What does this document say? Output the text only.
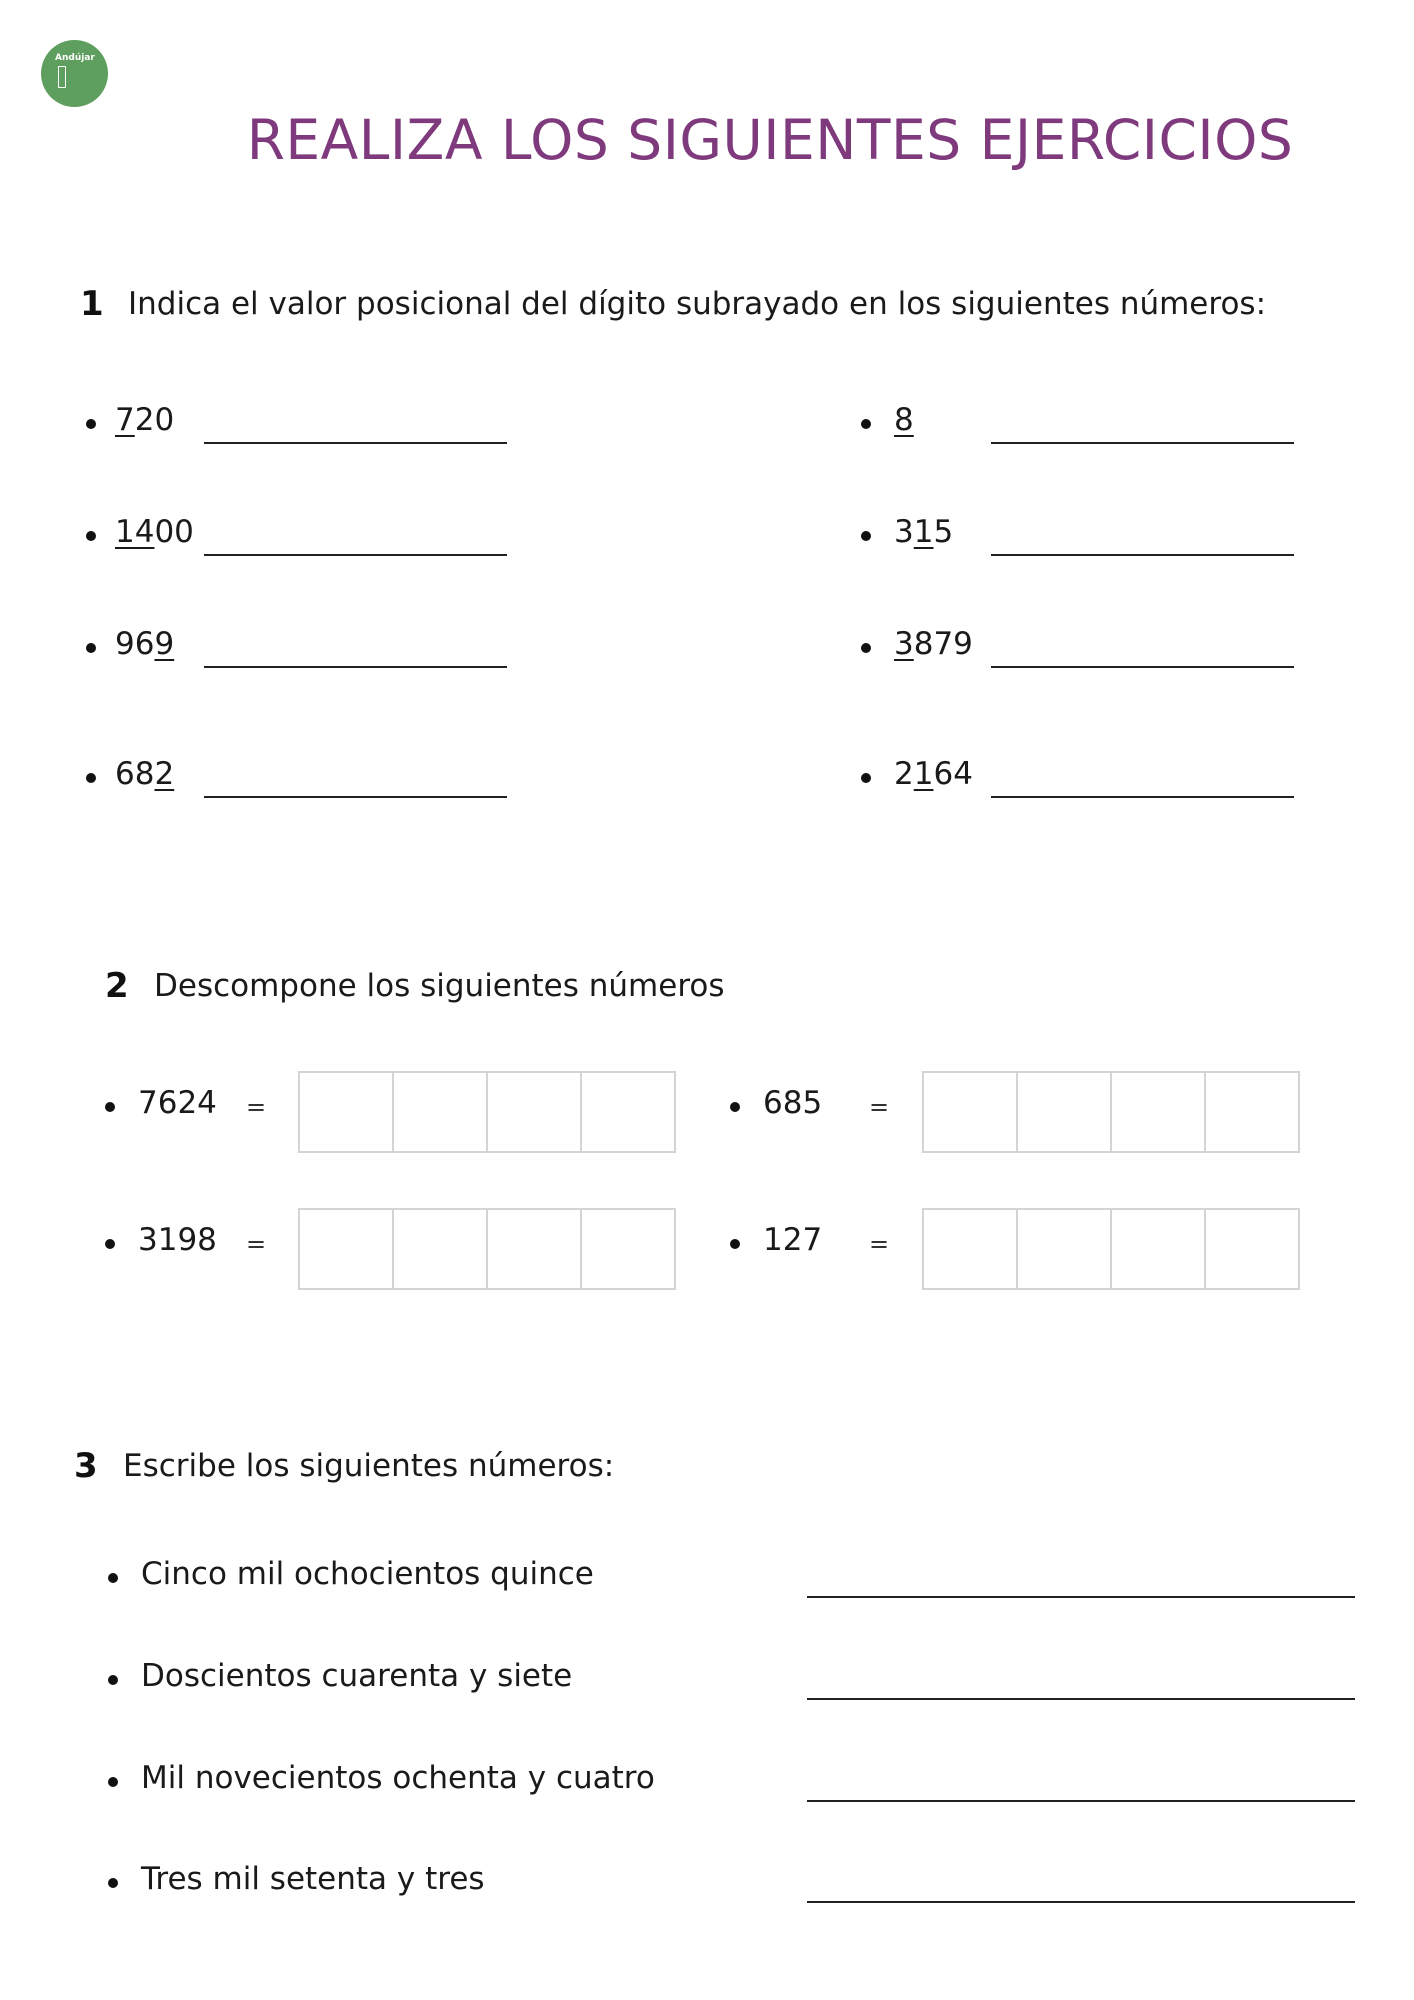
Andújar
REALIZA LOS SIGUIENTES EJERCICIOS
1 Indica el valor posicional del dígito subrayado en los siguientes números:
720
1400
969
682
8
315
3879
2164
2 Descompone los siguientes números
7624 =
3198 =
685 =
127 =
3 Escribe los siguientes números:
Cinco mil ochocientos quince
Doscientos cuarenta y siete
Mil novecientos ochenta y cuatro
Tres mil setenta y tres
